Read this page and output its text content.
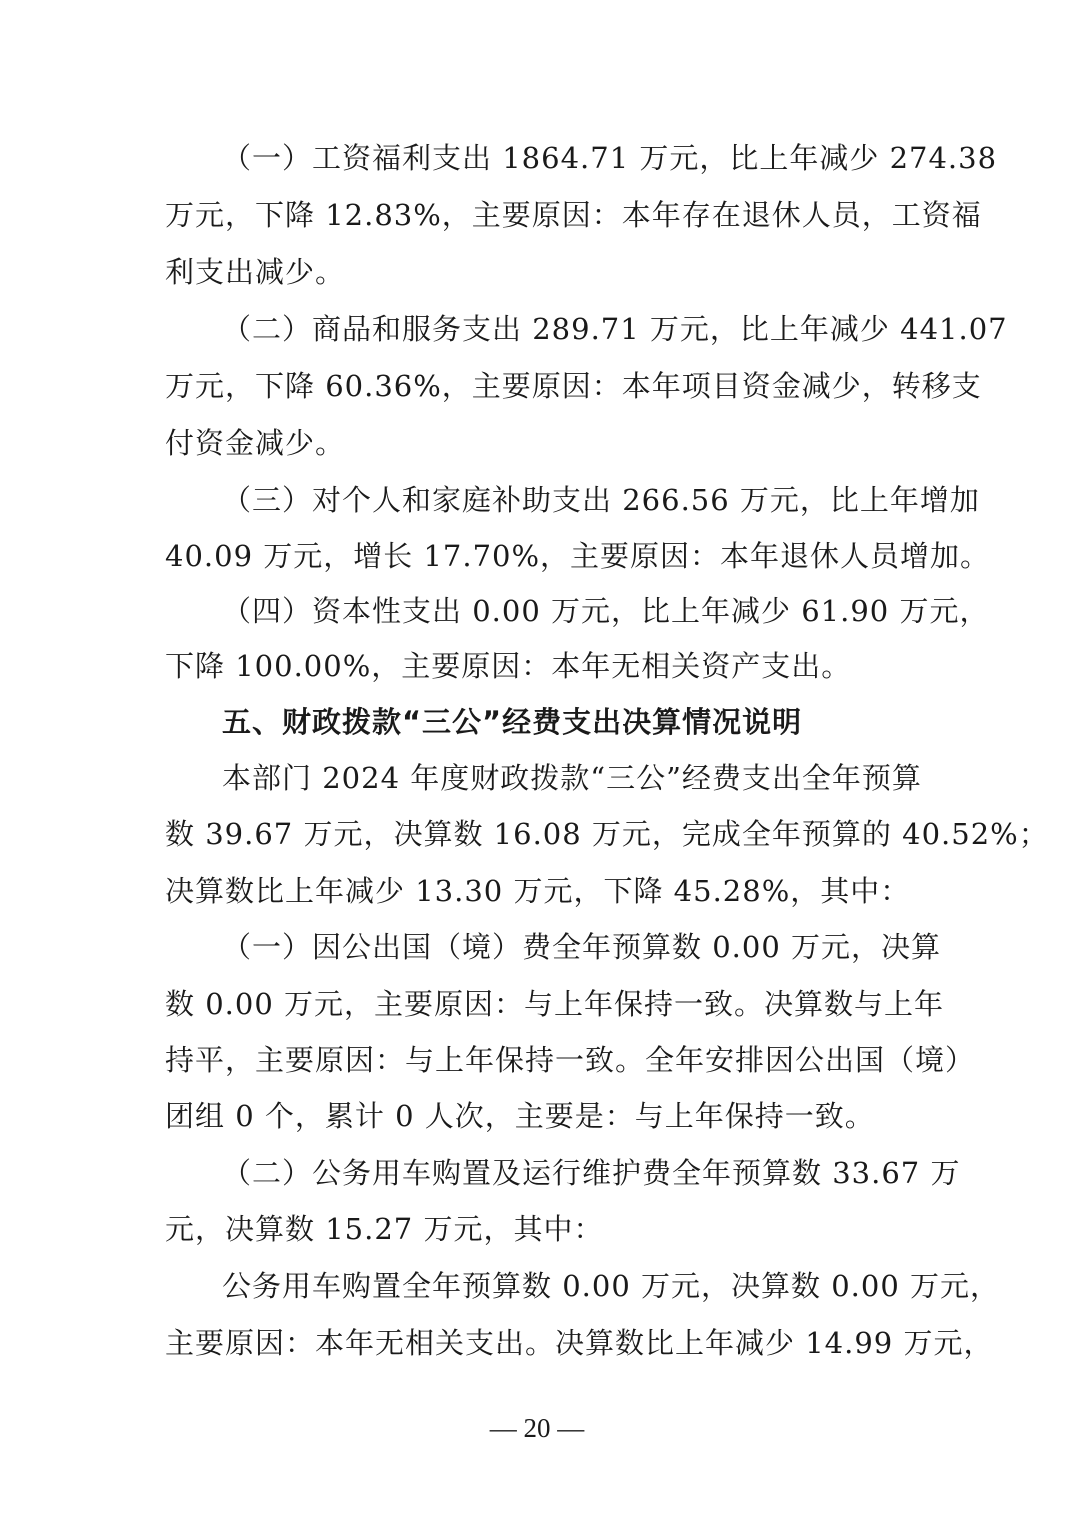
（一）工资福利支出 1864.71 万元，比上年减少 274.38
万元，下降 12.83%，主要原因：本年存在退休人员，工资福
利支出减少。
（二）商品和服务支出 289.71 万元，比上年减少 441.07
万元，下降 60.36%，主要原因：本年项目资金减少，转移支
付资金减少。
（三）对个人和家庭补助支出 266.56 万元，比上年增加
40.09 万元，增长 17.70%，主要原因：本年退休人员增加。
（四）资本性支出 0.00 万元，比上年减少 61.90 万元，
下降 100.00%，主要原因：本年无相关资产支出。
五、财政拨款“三公”经费支出决算情况说明
本部门 2024 年度财政拨款“三公”经费支出全年预算
数 39.67 万元，决算数 16.08 万元，完成全年预算的 40.52%；
决算数比上年减少 13.30 万元，下降 45.28%，其中：
（一）因公出国（境）费全年预算数 0.00 万元，决算
数 0.00 万元，主要原因：与上年保持一致。决算数与上年
持平，主要原因：与上年保持一致。全年安排因公出国（境）
团组 0 个，累计 0 人次，主要是：与上年保持一致。
（二）公务用车购置及运行维护费全年预算数 33.67 万
元，决算数 15.27 万元，其中：
公务用车购置全年预算数 0.00 万元，决算数 0.00 万元，
主要原因：本年无相关支出。决算数比上年减少 14.99 万元，
— 20 —
